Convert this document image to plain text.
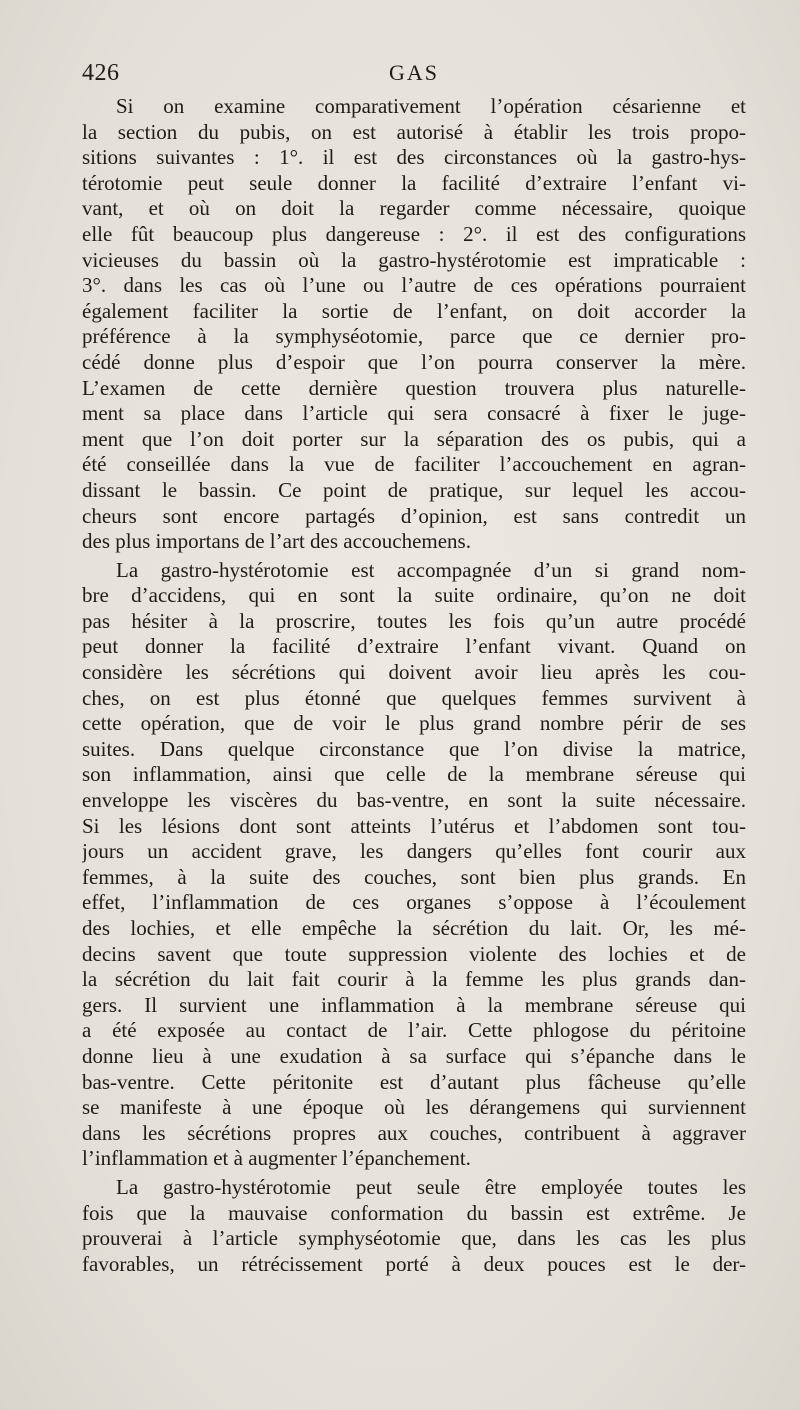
426	GAS
Si on examine comparativement l’opération césarienne et
la section du pubis, on est autorisé à établir les trois propo-
sitions suivantes : 1°. il est des circonstances où la gastro-hys-
térotomie peut seule donner la facilité d’extraire l’enfant vi-
vant, et où on doit la regarder comme nécessaire, quoique
elle fût beaucoup plus dangereuse : 2°. il est des configurations
vicieuses du bassin où la gastro-hystérotomie est impraticable :
3°. dans les cas où l’une ou l’autre de ces opérations pourraient
également faciliter la sortie de l’enfant, on doit accorder la
préférence à la symphyséotomie, parce que ce dernier pro-
cédé donne plus d’espoir que l’on pourra conserver la mère.
L’examen de cette dernière question trouvera plus naturelle-
ment sa place dans l’article qui sera consacré à fixer le juge-
ment que l’on doit porter sur la séparation des os pubis, qui a
été conseillée dans la vue de faciliter l’accouchement en agran-
dissant le bassin. Ce point de pratique, sur lequel les accou-
cheurs sont encore partagés d’opinion, est sans contredit un
des plus importans de l’art des accouchemens.
La gastro-hystérotomie est accompagnée d’un si grand nom-
bre d’accidens, qui en sont la suite ordinaire, qu’on ne doit
pas hésiter à la proscrire, toutes les fois qu’un autre procédé
peut donner la facilité d’extraire l’enfant vivant. Quand on
considère les sécrétions qui doivent avoir lieu après les cou-
ches, on est plus étonné que quelques femmes survivent à
cette opération, que de voir le plus grand nombre périr de ses
suites. Dans quelque circonstance que l’on divise la matrice,
son inflammation, ainsi que celle de la membrane séreuse qui
enveloppe les viscères du bas-ventre, en sont la suite nécessaire.
Si les lésions dont sont atteints l’utérus et l’abdomen sont tou-
jours un accident grave, les dangers qu’elles font courir aux
femmes, à la suite des couches, sont bien plus grands. En
effet, l’inflammation de ces organes s’oppose à l’écoulement
des lochies, et elle empêche la sécrétion du lait. Or, les mé-
decins savent que toute suppression violente des lochies et de
la sécrétion du lait fait courir à la femme les plus grands dan-
gers. Il survient une inflammation à la membrane séreuse qui
a été exposée au contact de l’air. Cette phlogose du péritoine
donne lieu à une exudation à sa surface qui s’épanche dans le
bas-ventre. Cette péritonite est d’autant plus fâcheuse qu’elle
se manifeste à une époque où les dérangemens qui surviennent
dans les sécrétions propres aux couches, contribuent à aggraver
l’inflammation et à augmenter l’épanchement.
La gastro-hystérotomie peut seule être employée toutes les
fois que la mauvaise conformation du bassin est extrême. Je
prouverai à l’article symphyséotomie que, dans les cas les plus
favorables, un rétrécissement porté à deux pouces est le der-
